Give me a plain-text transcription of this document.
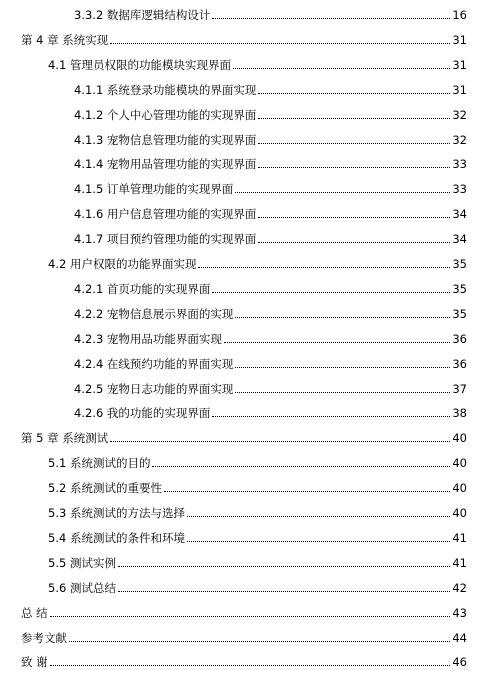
3.3.2 数据库逻辑结构设计	16
第 4 章 系统实现	31
4.1 管理员权限的功能模块实现界面	31
4.1.1 系统登录功能模块的界面实现	31
4.1.2 个人中心管理功能的实现界面	32
4.1.3 宠物信息管理功能的实现界面	32
4.1.4 宠物用品管理功能的实现界面	33
4.1.5 订单管理功能的实现界面	33
4.1.6 用户信息管理功能的实现界面	34
4.1.7 项目预约管理功能的实现界面	34
4.2 用户权限的功能界面实现	35
4.2.1 首页功能的实现界面	35
4.2.2 宠物信息展示界面的实现	35
4.2.3 宠物用品功能界面实现	36
4.2.4 在线预约功能的界面实现	36
4.2.5 宠物日志功能的界面实现	37
4.2.6 我的功能的实现界面	38
第 5 章 系统测试	40
5.1 系统测试的目的	40
5.2 系统测试的重要性	40
5.3 系统测试的方法与选择	40
5.4 系统测试的条件和环境	41
5.5 测试实例	41
5.6 测试总结	42
总 结	43
参考文献	44
致 谢	46
